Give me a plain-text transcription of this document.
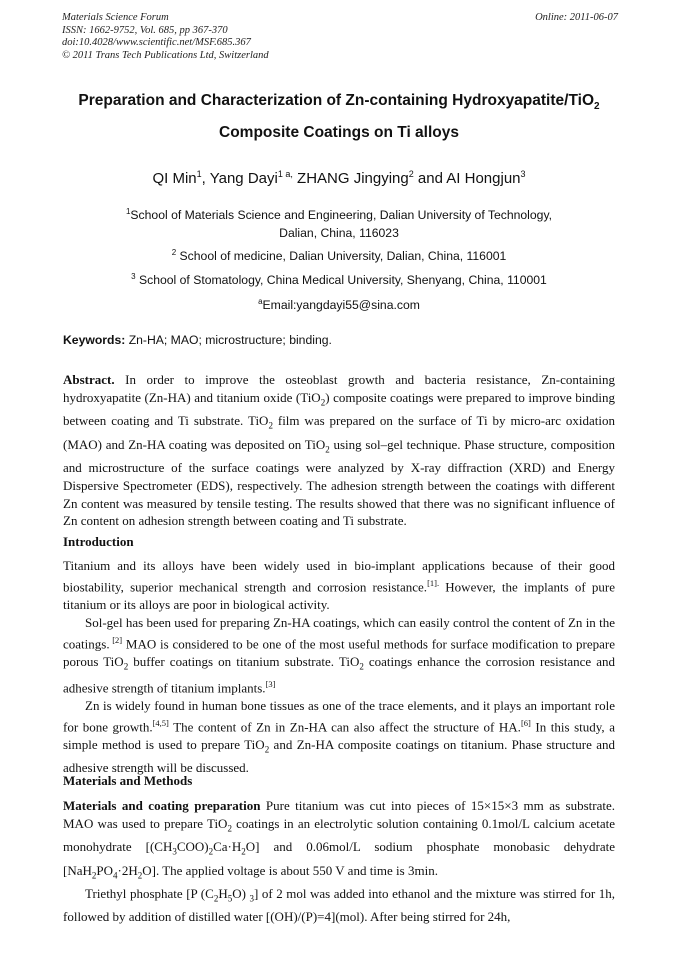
Materials Science Forum
ISSN: 1662-9752, Vol. 685, pp 367-370
doi:10.4028/www.scientific.net/MSF.685.367
© 2011 Trans Tech Publications Ltd, Switzerland
Online: 2011-06-07
Preparation and Characterization of Zn-containing Hydroxyapatite/TiO$_2$
Composite Coatings on Ti alloys
QI Min$^1$, Yang Dayi$^{1 a,}$ ZHANG Jingying$^2$ and AI Hongjun$^3$
$^1$School of Materials Science and Engineering, Dalian University of Technology,
Dalian, China, 116023
$^2$ School of medicine, Dalian University, Dalian, China, 116001
$^3$ School of Stomatology, China Medical University, Shenyang, China, 110001
$^a$Email:yangdayi55@sina.com
Keywords: Zn-HA; MAO; microstructure; binding.

Abstract. In order to improve the osteoblast growth and bacteria resistance, Zn-containing hydroxyapatite (Zn-HA) and titanium oxide (TiO$_2$) composite coatings were prepared to improve binding between coating and Ti substrate. TiO$_2$ film was prepared on the surface of Ti by micro-arc oxidation (MAO) and Zn-HA coating was deposited on TiO$_2$ using sol–gel technique. Phase structure, composition and microstructure of the surface coatings were analyzed by X-ray diffraction (XRD) and Energy Dispersive Spectrometer (EDS), respectively. The adhesion strength between the coatings with different Zn content was measured by tensile testing. The results showed that there was no significant influence of Zn content on adhesion strength between coating and Ti substrate.

Introduction

Titanium and its alloys have been widely used in bio-implant applications because of their good biostability, superior mechanical strength and corrosion resistance.$^{[1].}$ However, the implants of pure titanium or its alloys are poor in biological activity.

Sol-gel has been used for preparing Zn-HA coatings, which can easily control the content of Zn in the coatings. [2] MAO is considered to be one of the most useful methods for surface modification to prepare porous TiO$_2$ buffer coatings on titanium substrate. TiO$_2$ coatings enhance the corrosion resistance and adhesive strength of titanium implants.[3]

Zn is widely found in human bone tissues as one of the trace elements, and it plays an important role for bone growth.[4,5] The content of Zn in Zn-HA can also affect the structure of HA.[6] In this study, a simple method is used to prepare TiO$_2$ and Zn-HA composite coatings on titanium. Phase structure and adhesive strength will be discussed.

Materials and Methods

Materials and coating preparation Pure titanium was cut into pieces of 15×15×3 mm as substrate. MAO was used to prepare TiO$_2$ coatings in an electrolytic solution containing 0.1mol/L calcium acetate monohydrate $[(CH_3COO)_2Ca\cdot H_2O]$ and 0.06mol/L sodium phosphate monobasic dehydrate $[NaH_2PO_4\cdot 2H_2O]$. The applied voltage is about 550 V and time is 3min.

Triethyl phosphate [P $(C_2H_5O)$ $_3$] of 2 mol was added into ethanol and the mixture was stirred for 1h, followed by addition of distilled water [(OH)/(P)=4](mol). After being stirred for 24h,
